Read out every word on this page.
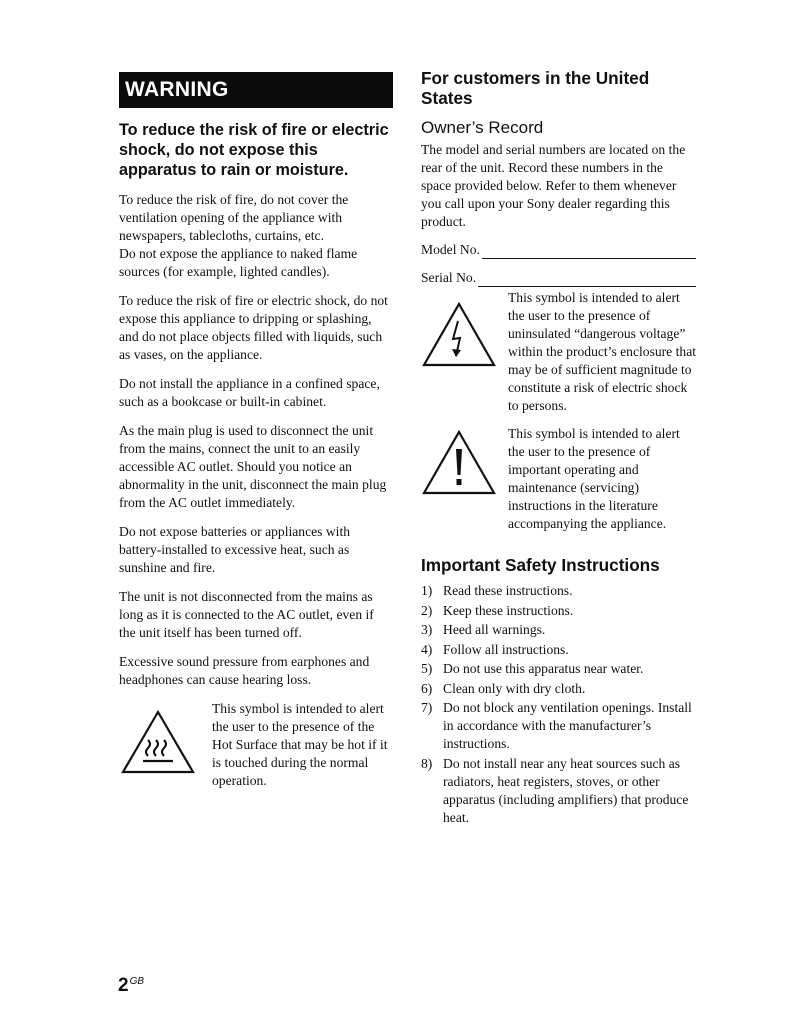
WARNING
To reduce the risk of fire or electric shock, do not expose this apparatus to rain or moisture.
To reduce the risk of fire, do not cover the ventilation opening of the appliance with newspapers, tablecloths, curtains, etc.
Do not expose the appliance to naked flame sources (for example, lighted candles).
To reduce the risk of fire or electric shock, do not expose this appliance to dripping or splashing, and do not place objects filled with liquids, such as vases, on the appliance.
Do not install the appliance in a confined space, such as a bookcase or built-in cabinet.
As the main plug is used to disconnect the unit from the mains, connect the unit to an easily accessible AC outlet. Should you notice an abnormality in the unit, disconnect the main plug from the AC outlet immediately.
Do not expose batteries or appliances with battery-installed to excessive heat, such as sunshine and fire.
The unit is not disconnected from the mains as long as it is connected to the AC outlet, even if the unit itself has been turned off.
Excessive sound pressure from earphones and headphones can cause hearing loss.
This symbol is intended to alert the user to the presence of the Hot Surface that may be hot if it is touched during the normal operation.
For customers in the United States
Owner’s Record
The model and serial numbers are located on the rear of the unit. Record these numbers in the space provided below. Refer to them whenever you call upon your Sony dealer regarding this product.
Model No.
Serial No.
This symbol is intended to alert the user to the presence of uninsulated “dangerous voltage” within the product’s enclosure that may be of sufficient magnitude to constitute a risk of electric shock to persons.
This symbol is intended to alert the user to the presence of important operating and maintenance (servicing) instructions in the literature accompanying the appliance.
Important Safety Instructions
1) Read these instructions.
2) Keep these instructions.
3) Heed all warnings.
4) Follow all instructions.
5) Do not use this apparatus near water.
6) Clean only with dry cloth.
7) Do not block any ventilation openings. Install in accordance with the manufacturer’s instructions.
8) Do not install near any heat sources such as radiators, heat registers, stoves, or other apparatus (including amplifiers) that produce heat.
$2^{GB}$
